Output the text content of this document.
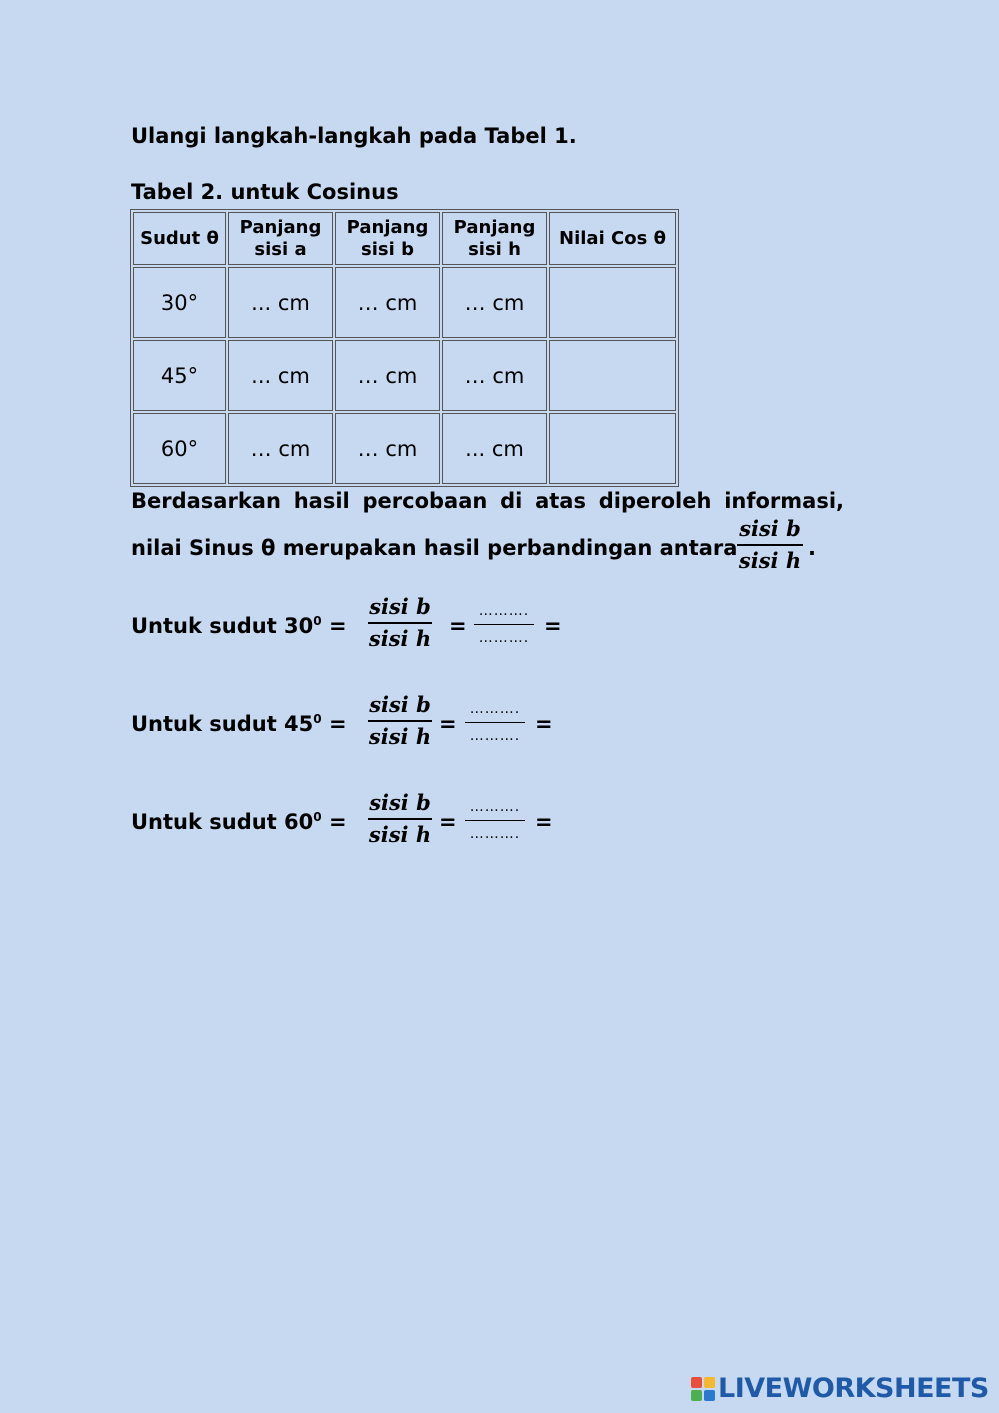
Ulangi langkah-langkah pada Tabel 1.
Tabel 2. untuk Cosinus
Sudut θ	Panjang sisi a	Panjang sisi b	Panjang sisi h	Nilai Cos θ
30°	... cm	… cm	… cm	
45°	... cm	… cm	… cm	
60°	… cm	… cm	... cm	
Berdasarkan hasil percobaan di atas diperoleh informasi,
nilai Sinus θ merupakan hasil perbandingan antara
sisi b
sisi h .
Untuk sudut $30^0$ =
sisi b
sisi h =
……….
………. =
Untuk sudut $45^0$ =
sisi b
sisi h =
……….
………. =
Untuk sudut $60^0$ =
sisi b
sisi h =
……….
………. =
LIVEWORKSHEETS
